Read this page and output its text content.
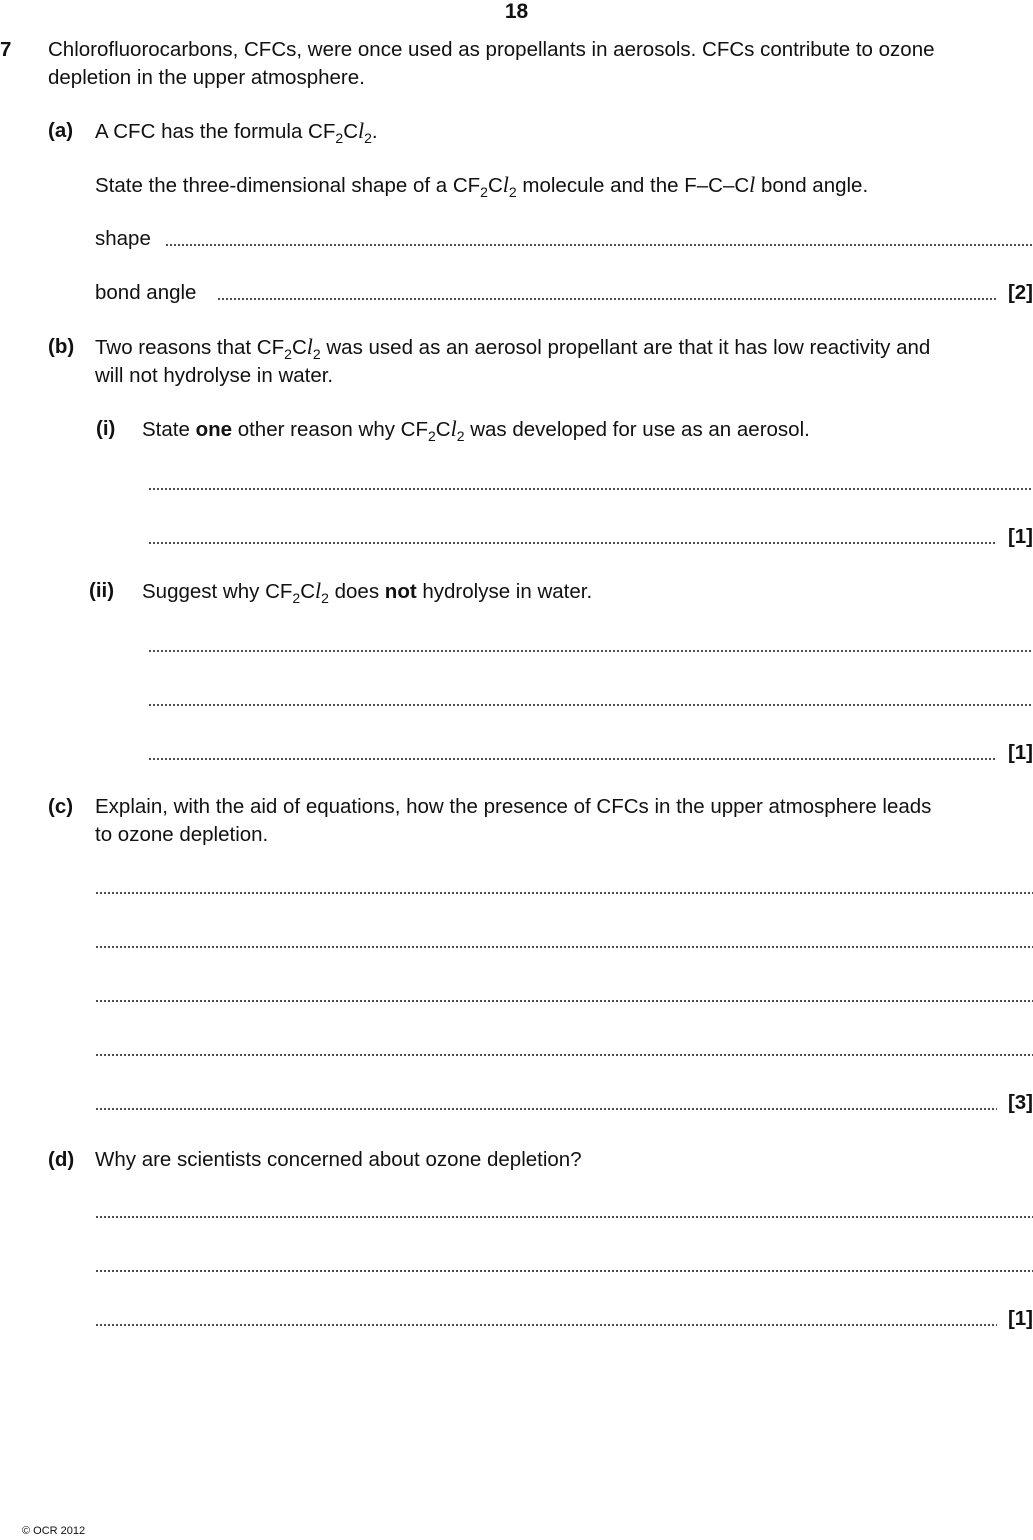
18
7 Chlorofluorocarbons, CFCs, were once used as propellants in aerosols. CFCs contribute to ozone
depletion in the upper atmosphere.
(a) A CFC has the formula $CF_2Cl_2$.
State the three-dimensional shape of a $CF_2Cl_2$ molecule and the F–C–Cl bond angle.
shape
bond angle	[2]
(b) Two reasons that $CF_2Cl_2$ was used as an aerosol propellant are that it has low reactivity and
will not hydrolyse in water.
(i) State one other reason why $CF_2Cl_2$ was developed for use as an aerosol.
[1]
(ii) Suggest why $CF_2Cl_2$ does not hydrolyse in water.
[1]
(c) Explain, with the aid of equations, how the presence of CFCs in the upper atmosphere leads
to ozone depletion.
[3]
(d) Why are scientists concerned about ozone depletion?
[1]
© OCR 2012
